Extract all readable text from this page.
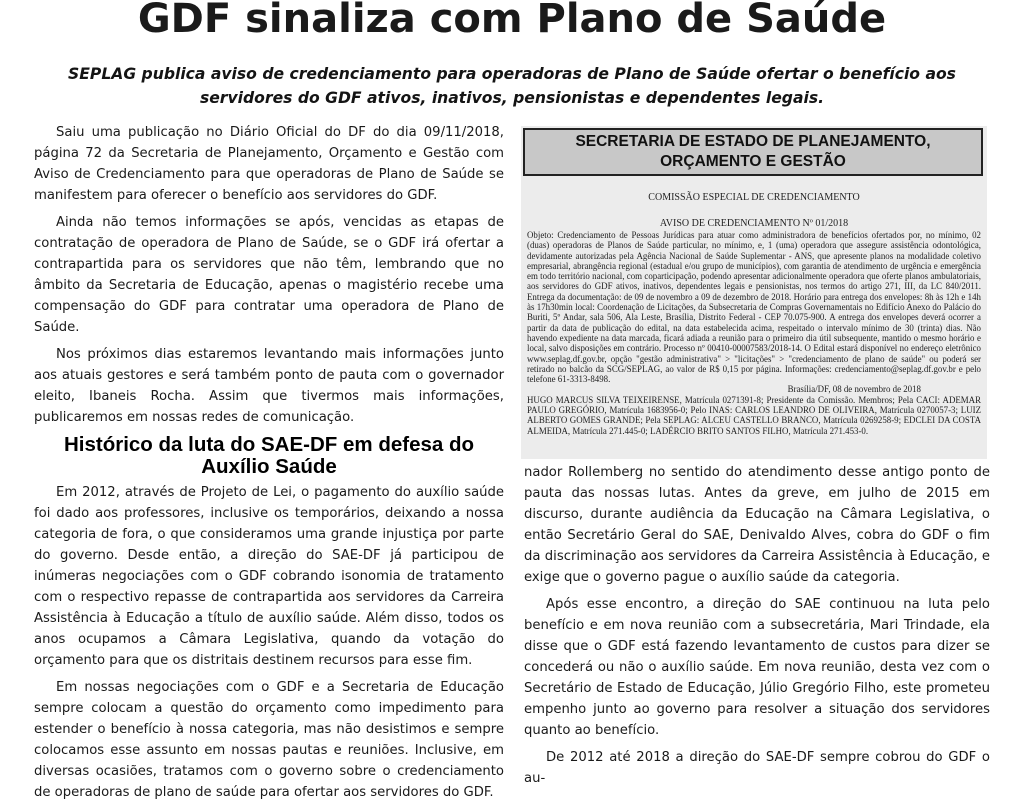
GDF sinaliza com Plano de Saúde
SEPLAG publica aviso de credenciamento para operadoras de Plano de Saúde ofertar o benefício aos servidores do GDF ativos, inativos, pensionistas e dependentes legais.

Saiu uma publicação no Diário Oficial do DF do dia 09/11/2018, página 72 da Secretaria de Planejamento, Orçamento e Gestão com Aviso de Credenciamento para que operadoras de Plano de Saúde se manifestem para oferecer o benefício aos servidores do GDF.

Ainda não temos informações se após, vencidas as etapas de contratação de operadora de Plano de Saúde, se o GDF irá ofertar a contrapartida para os servidores que não têm, lembrando que no âmbito da Secretaria de Educação, apenas o magistério recebe uma compensação do GDF para contratar uma operadora de Plano de Saúde.

Nos próximos dias estaremos levantando mais informações junto aos atuais gestores e será também ponto de pauta com o governador eleito, Ibaneis Rocha. Assim que tivermos mais informações, publicaremos em nossas redes de comunicação.

Histórico da luta do SAE-DF em defesa do Auxílio Saúde

Em 2012, através de Projeto de Lei, o pagamento do auxílio saúde foi dado aos professores, inclusive os temporários, deixando a nossa categoria de fora, o que consideramos uma grande injustiça por parte do governo. Desde então, a direção do SAE-DF já participou de inúmeras negociações com o GDF cobrando isonomia de tratamento com o respectivo repasse de contrapartida aos servidores da Carreira Assistência à Educação a título de auxílio saúde. Além disso, todos os anos ocupamos a Câmara Legislativa, quando da votação do orçamento para que os distritais destinem recursos para esse fim.

Em nossas negociações com o GDF e a Secretaria de Educação sempre colocam a questão do orçamento como impedimento para estender o benefício à nossa categoria, mas não desistimos e sempre colocamos esse assunto em nossas pautas e reuniões. Inclusive, em diversas ocasiões, tratamos com o governo sobre o credenciamento de operadoras de plano de saúde para ofertar aos servidores do GDF.

SECRETARIA DE ESTADO DE PLANEJAMENTO,
ORÇAMENTO E GESTÃO
COMISSÃO ESPECIAL DE CREDENCIAMENTO
AVISO DE CREDENCIAMENTO Nº 01/2018

Objeto: Credenciamento de Pessoas Jurídicas para atuar como administradora de benefícios ofertados por, no mínimo, 02 (duas) operadoras de Planos de Saúde particular, no mínimo, e, 1 (uma) operadora que assegure assistência odontológica, devidamente autorizadas pela Agência Nacional de Saúde Suplementar - ANS, que apresente planos na modalidade coletivo empresarial, abrangência regional (estadual e/ou grupo de municípios), com garantia de atendimento de urgência e emergência em todo território nacional, com coparticipação, podendo apresentar adicionalmente operadora que oferte planos ambulatoriais, aos servidores do GDF ativos, inativos, dependentes legais e pensionistas, nos termos do artigo 271, III, da LC 840/2011. Entrega da documentação: de 09 de novembro a 09 de dezembro de 2018. Horário para entrega dos envelopes: 8h às 12h e 14h às 17h30min local: Coordenação de Licitações, da Subsecretaria de Compras Governamentais no Edifício Anexo do Palácio do Buriti, 5º Andar, sala 506, Ala Leste, Brasília, Distrito Federal - CEP 70.075-900. A entrega dos envelopes deverá ocorrer a partir da data de publicação do edital, na data estabelecida acima, respeitado o intervalo mínimo de 30 (trinta) dias. Não havendo expediente na data marcada, ficará adiada a reunião para o primeiro dia útil subsequente, mantido o mesmo horário e local, salvo disposições em contrário. Processo nº 00410-00007583/2018-14. O Edital estará disponível no endereço eletrônico www.seplag.df.gov.br, opção "gestão administrativa" > "licitações" > "credenciamento de plano de saúde" ou poderá ser retirado no balcão da SCG/SEPLAG, ao valor de R$ 0,15 por página. Informações: credenciamento@seplag.df.gov.br e pelo telefone 61-3313-8498.

Brasília/DF, 08 de novembro de 2018

HUGO MARCUS SILVA TEIXEIRENSE, Matrícula 0271391-8; Presidente da Comissão. Membros; Pela CACI: ADEMAR PAULO GREGÓRIO, Matrícula 1683956-0; Pelo INAS: CARLOS LEANDRO DE OLIVEIRA, Matrícula 0270057-3; LUIZ ALBERTO GOMES GRANDE; Pela SEPLAG: ALCEU CASTELLO BRANCO, Matrícula 0269258-9; EDCLEI DA COSTA ALMEIDA, Matrícula 271.445-0; LADÉRCIO BRITO SANTOS FILHO, Matrícula 271.453-0.

nador Rollemberg no sentido do atendimento desse antigo ponto de pauta das nossas lutas. Antes da greve, em julho de 2015 em discurso, durante audiência da Educação na Câmara Legislativa, o então Secretário Geral do SAE, Denivaldo Alves, cobra do GDF o fim da discriminação aos servidores da Carreira Assistência à Educação, e exige que o governo pague o auxílio saúde da categoria.

Após esse encontro, a direção do SAE continuou na luta pelo benefício e em nova reunião com a subsecretária, Mari Trindade, ela disse que o GDF está fazendo levantamento de custos para dizer se concederá ou não o auxílio saúde. Em nova reunião, desta vez com o Secretário de Estado de Educação, Júlio Gregório Filho, este prometeu empenho junto ao governo para resolver a situação dos servidores quanto ao benefício.

De 2012 até 2018 a direção do SAE-DF sempre cobrou do GDF o au-
